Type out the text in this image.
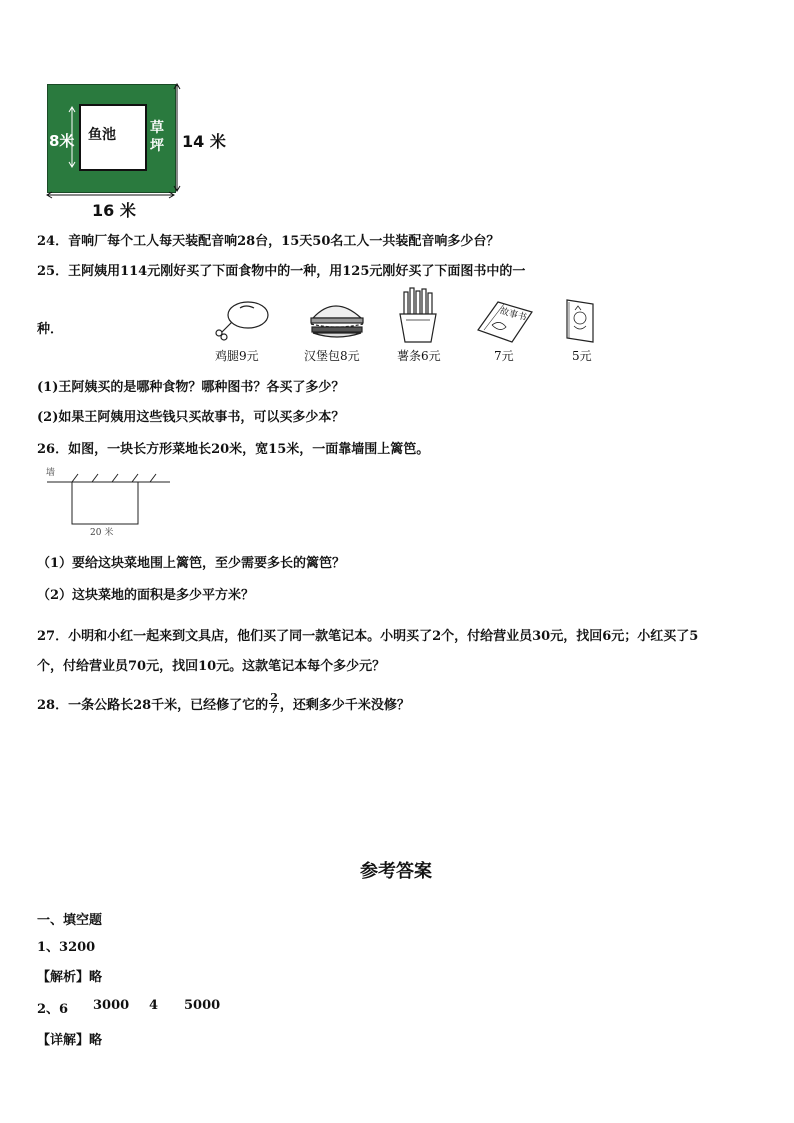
鱼池 草
坪
8米	14 米
16 米
24．音响厂每个工人每天装配音响28台，15天50名工人一共装配音响多少台？
25．王阿姨用114元刚好买了下面食物中的一种，用125元刚好买了下面图书中的一
种．
故事书
鸡腿9元	汉堡包8元	薯条6元	7元	5元
(1)王阿姨买的是哪种食物？哪种图书？各买了多少？
(2)如果王阿姨用这些钱只买故事书，可以买多少本？
26．如图，一块长方形菜地长20米，宽15米，一面靠墙围上篱笆。
墙
20 米
（1）要给这块菜地围上篱笆，至少需要多长的篱笆？
（2）这块菜地的面积是多少平方米？
27．小明和小红一起来到文具店，他们买了同一款笔记本。小明买了2个，付给营业员30元，找回6元；小红买了5
个，付给营业员70元，找回10元。这款笔记本每个多少元？
28．一条公路长28千米，已经修了它的 $\frac{2}{7}$ ，还剩多少千米没修？
参考答案
一、填空题
1、3200
【解析】略
2、6 3000 4 5000
【详解】略
